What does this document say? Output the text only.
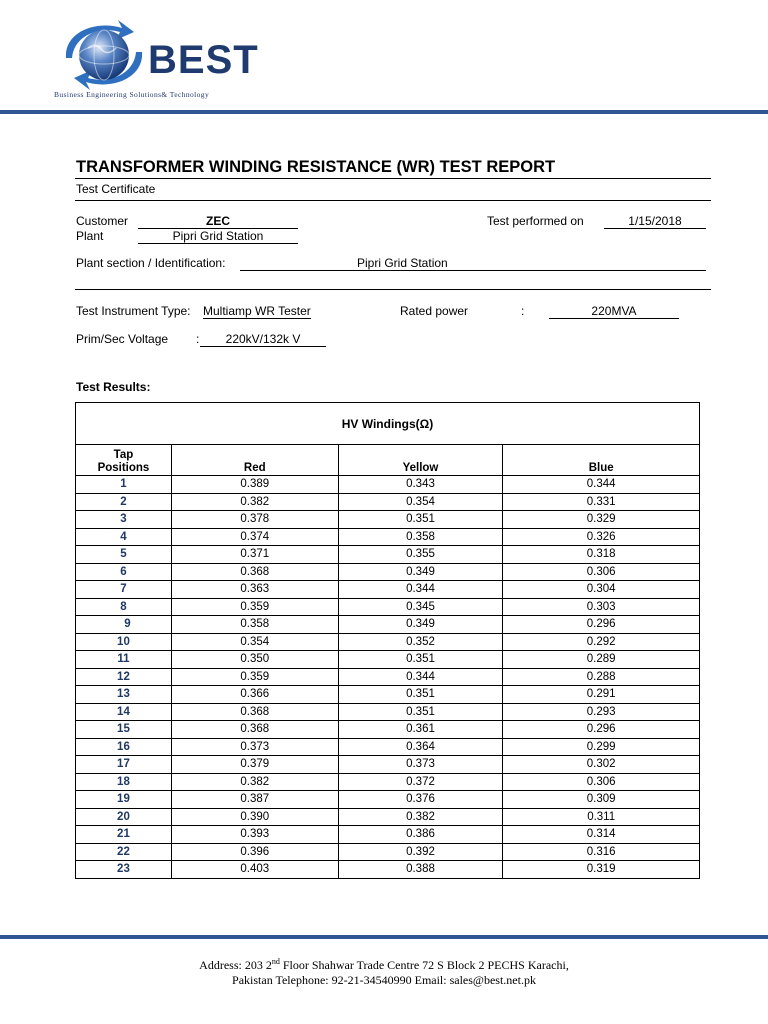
BEST
Business Engineering Solutions& Technology
TRANSFORMER WINDING RESISTANCE (WR) TEST REPORT
Test Certificate
Customer	ZEC
Plant	Pipri Grid Station
Test performed on	1/15/2018
Plant section / Identification:	Pipri Grid Station
Test Instrument Type: Multiamp WR Tester	Rated power	:	220MVA
Prim/Sec Voltage :	220kV/132k V
Test Results:
HV Windings(Ω)			
Tap
Positions	Red	Yellow	Blue
1	0.389	0.343	0.344
2	0.382	0.354	0.331
3	0.378	0.351	0.329
4	0.374	0.358	0.326
5	0.371	0.355	0.318
6	0.368	0.349	0.306
7	0.363	0.344	0.304
8	0.359	0.345	0.303
9	0.358	0.349	0.296
10	0.354	0.352	0.292
11	0.350	0.351	0.289
12	0.359	0.344	0.288
13	0.366	0.351	0.291
14	0.368	0.351	0.293
15	0.368	0.361	0.296
16	0.373	0.364	0.299
17	0.379	0.373	0.302
18	0.382	0.372	0.306
19	0.387	0.376	0.309
20	0.390	0.382	0.311
21	0.393	0.386	0.314
22	0.396	0.392	0.316
23	0.403	0.388	0.319
Address: 203 2nd Floor Shahwar Trade Centre 72 S Block 2 PECHS Karachi,
Pakistan Telephone: 92-21-34540990 Email: sales@best.net.pk
